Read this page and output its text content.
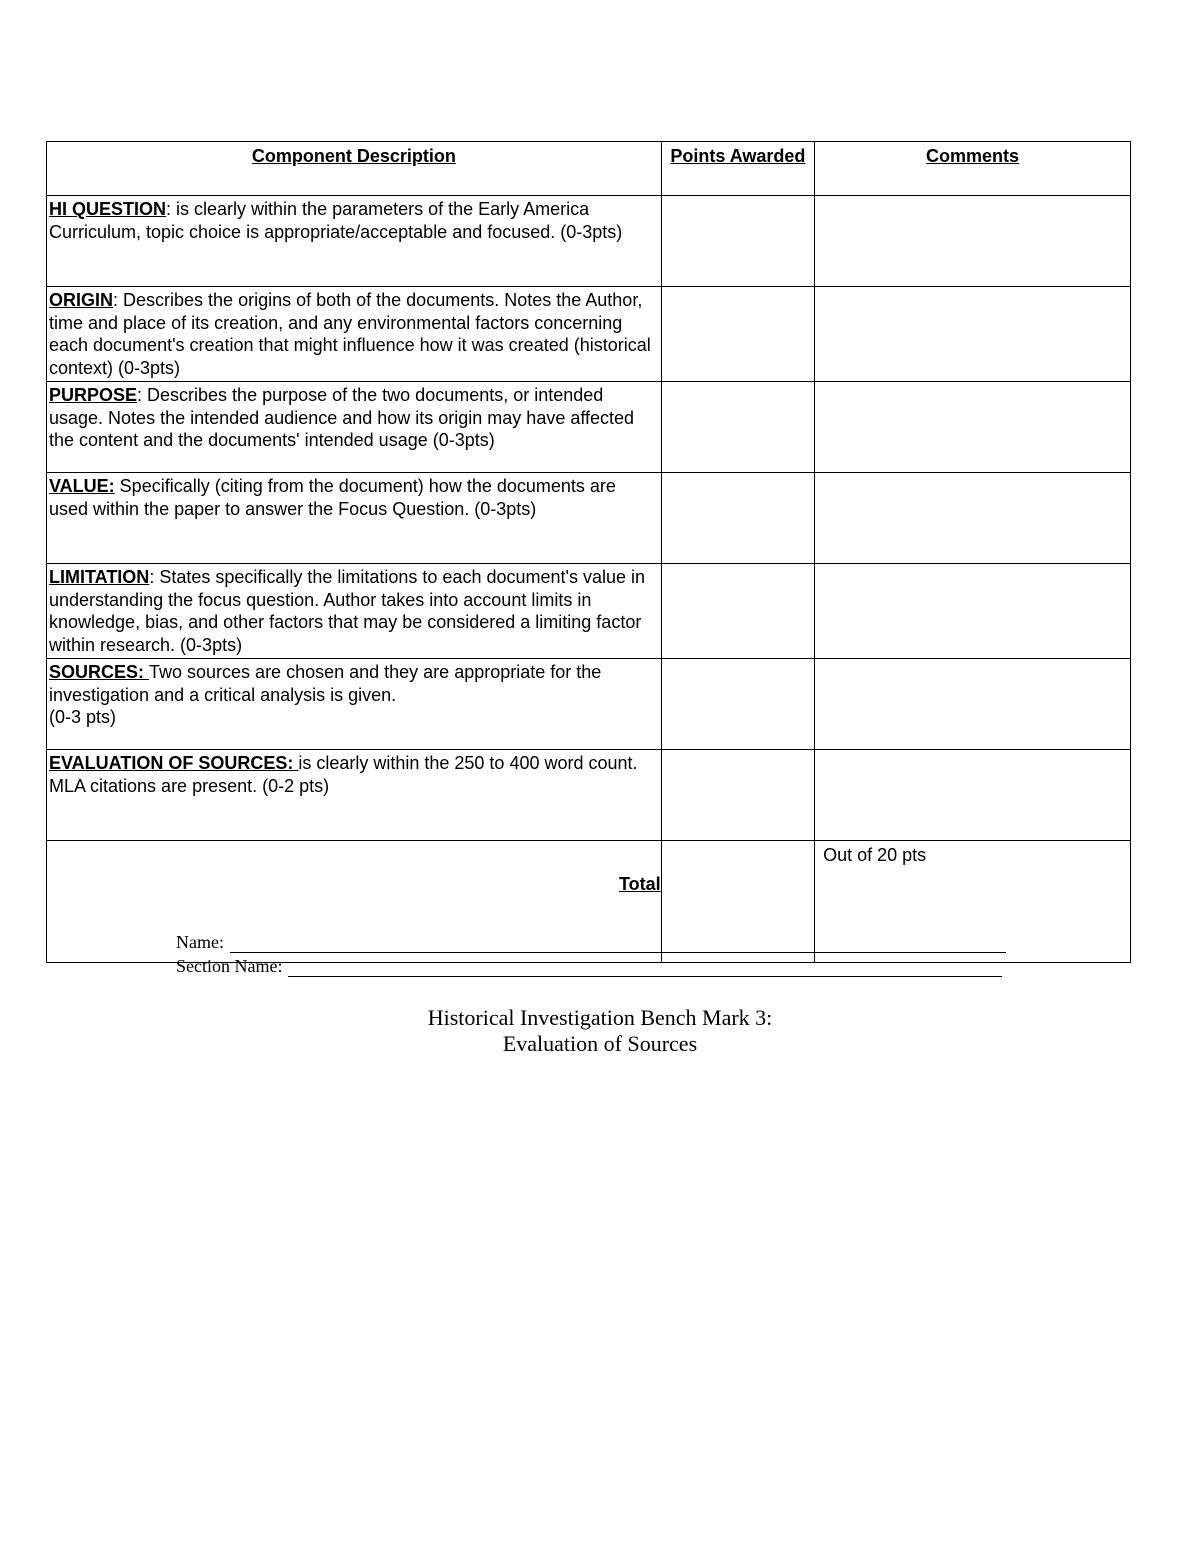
Component Description	Points Awarded	Comments
HI QUESTION: is clearly within the parameters of the Early America Curriculum, topic choice is appropriate/acceptable and focused. (0-3pts)		
ORIGIN: Describes the origins of both of the documents. Notes the Author, time and place of its creation, and any environmental factors concerning each document's creation that might influence how it was created (historical context) (0-3pts)		
PURPOSE: Describes the purpose of the two documents, or intended usage. Notes the intended audience and how its origin may have affected the content and the documents' intended usage (0-3pts)		
VALUE: Specifically (citing from the document) how the documents are used within the paper to answer the Focus Question. (0-3pts)		
LIMITATION: States specifically the limitations to each document's value in understanding the focus question. Author takes into account limits in knowledge, bias, and other factors that may be considered a limiting factor within research. (0-3pts)		
SOURCES: Two sources are chosen and they are appropriate for the investigation and a critical analysis is given.
(0-3 pts)		
EVALUATION OF SOURCES: is clearly within the 250 to 400 word count. MLA citations are present. (0-2 pts)		
Total		Out of 20 pts
Name:
Section Name:
Historical Investigation Bench Mark 3:
Evaluation of Sources
